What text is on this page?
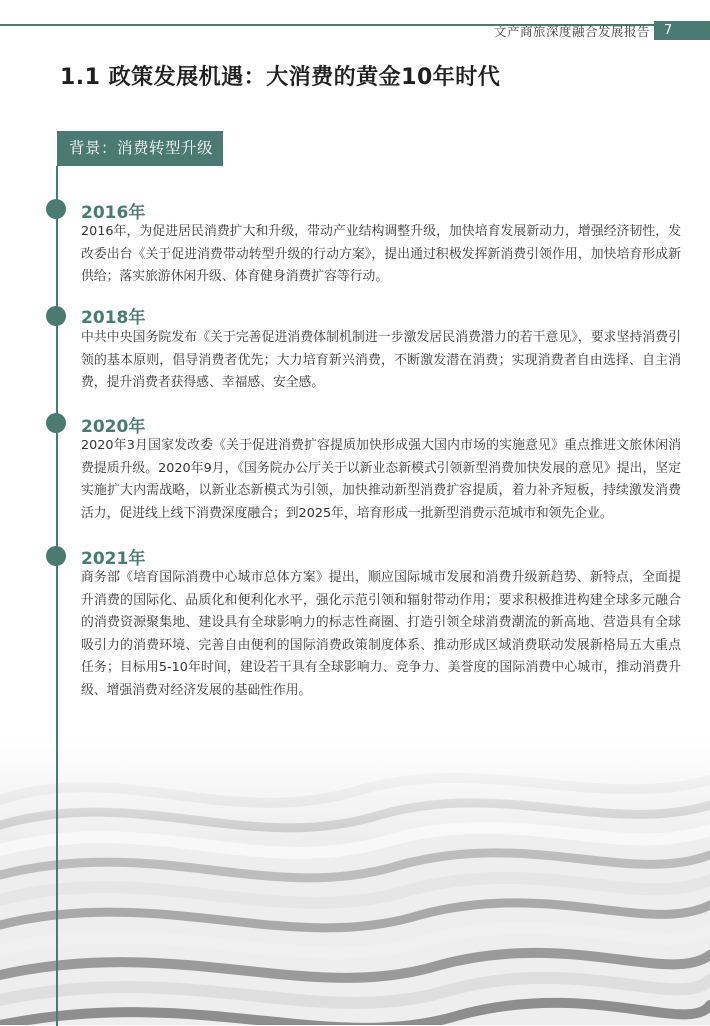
文产商旅深度融合发展报告	7
1.1 政策发展机遇：大消费的黄金10年时代
背景：消费转型升级
2016年

2016年，为促进居民消费扩大和升级，带动产业结构调整升级，加快培育发展新动力，增强经济韧性，发改委出台《关于促进消费带动转型升级的行动方案》，提出通过积极发挥新消费引领作用，加快培育形成新供给；落实旅游休闲升级、体育健身消费扩容等行动。

2018年

中共中央国务院发布《关于完善促进消费体制机制进一步激发居民消费潜力的若干意见》，要求坚持消费引领的基本原则，倡导消费者优先；大力培育新兴消费，不断激发潜在消费；实现消费者自由选择、自主消费，提升消费者获得感、幸福感、安全感。

2020年

2020年3月国家发改委《关于促进消费扩容提质加快形成强大国内市场的实施意见》重点推进文旅休闲消费提质升级。2020年9月，《国务院办公厅关于以新业态新模式引领新型消费加快发展的意见》提出，坚定实施扩大内需战略，以新业态新模式为引领，加快推动新型消费扩容提质，着力补齐短板，持续激发消费活力，促进线上线下消费深度融合；到2025年，培育形成一批新型消费示范城市和领先企业。

2021年

商务部《培育国际消费中心城市总体方案》提出，顺应国际城市发展和消费升级新趋势、新特点，全面提升消费的国际化、品质化和便利化水平，强化示范引领和辐射带动作用；要求积极推进构建全球多元融合的消费资源聚集地、建设具有全球影响力的标志性商圈、打造引领全球消费潮流的新高地、营造具有全球吸引力的消费环境、完善自由便利的国际消费政策制度体系、推动形成区域消费联动发展新格局五大重点任务；目标用5-10年时间，建设若干具有全球影响力、竞争力、美誉度的国际消费中心城市，推动消费升级、增强消费对经济发展的基础性作用。
